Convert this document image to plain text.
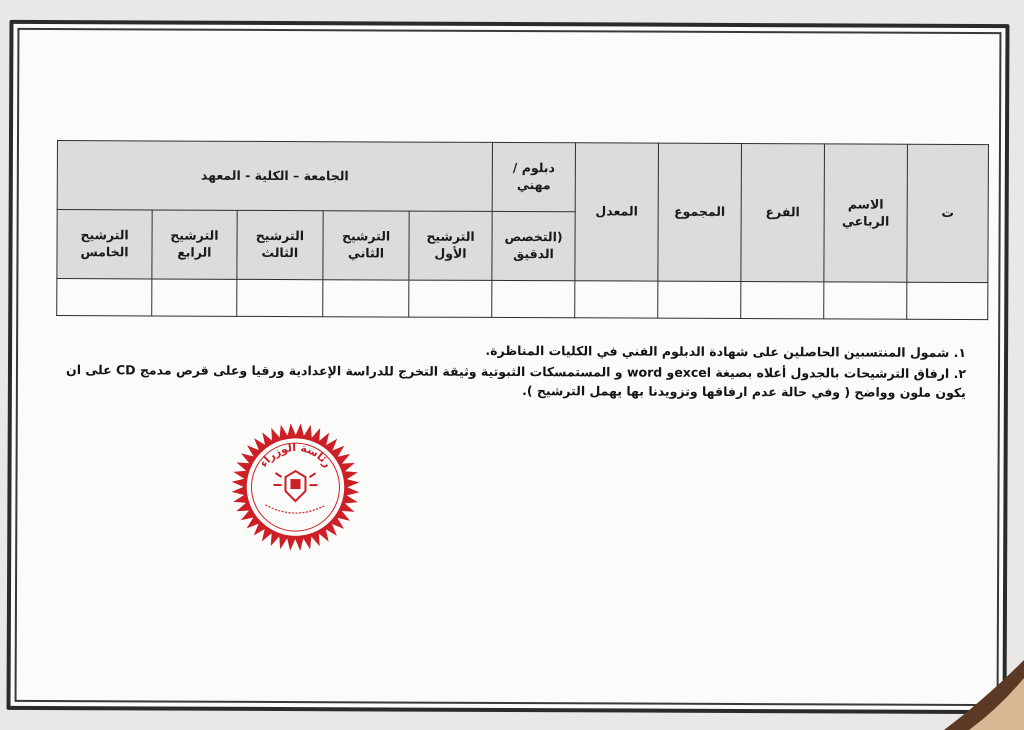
ت	الاسم الرباعي	الفرع	المجموع	المعدل	دبلوم / مهني	الجامعة – الكلية - المعهد				
					(التخصص الدقيق	الترشيح الأول	الترشيح الثاني	الترشيح الثالث	الترشيح الرابع	الترشيح الخامس

١. شمول المنتسبين الحاصلين على شهادة الدبلوم الفني في الكليات المناظرة.

٢. ارفاق الترشيحات بالجدول أعلاه بصيغة excelو word و المستمسكات الثبوتية وثيقة التخرج للدراسة الإعدادية ورقيا وعلى قرص مدمج CD على ان يكون ملون وواضح ( وفي حالة عدم ارفاقها وتزويدنا بها يهمل الترشيح ).

رئاسة الوزراء
